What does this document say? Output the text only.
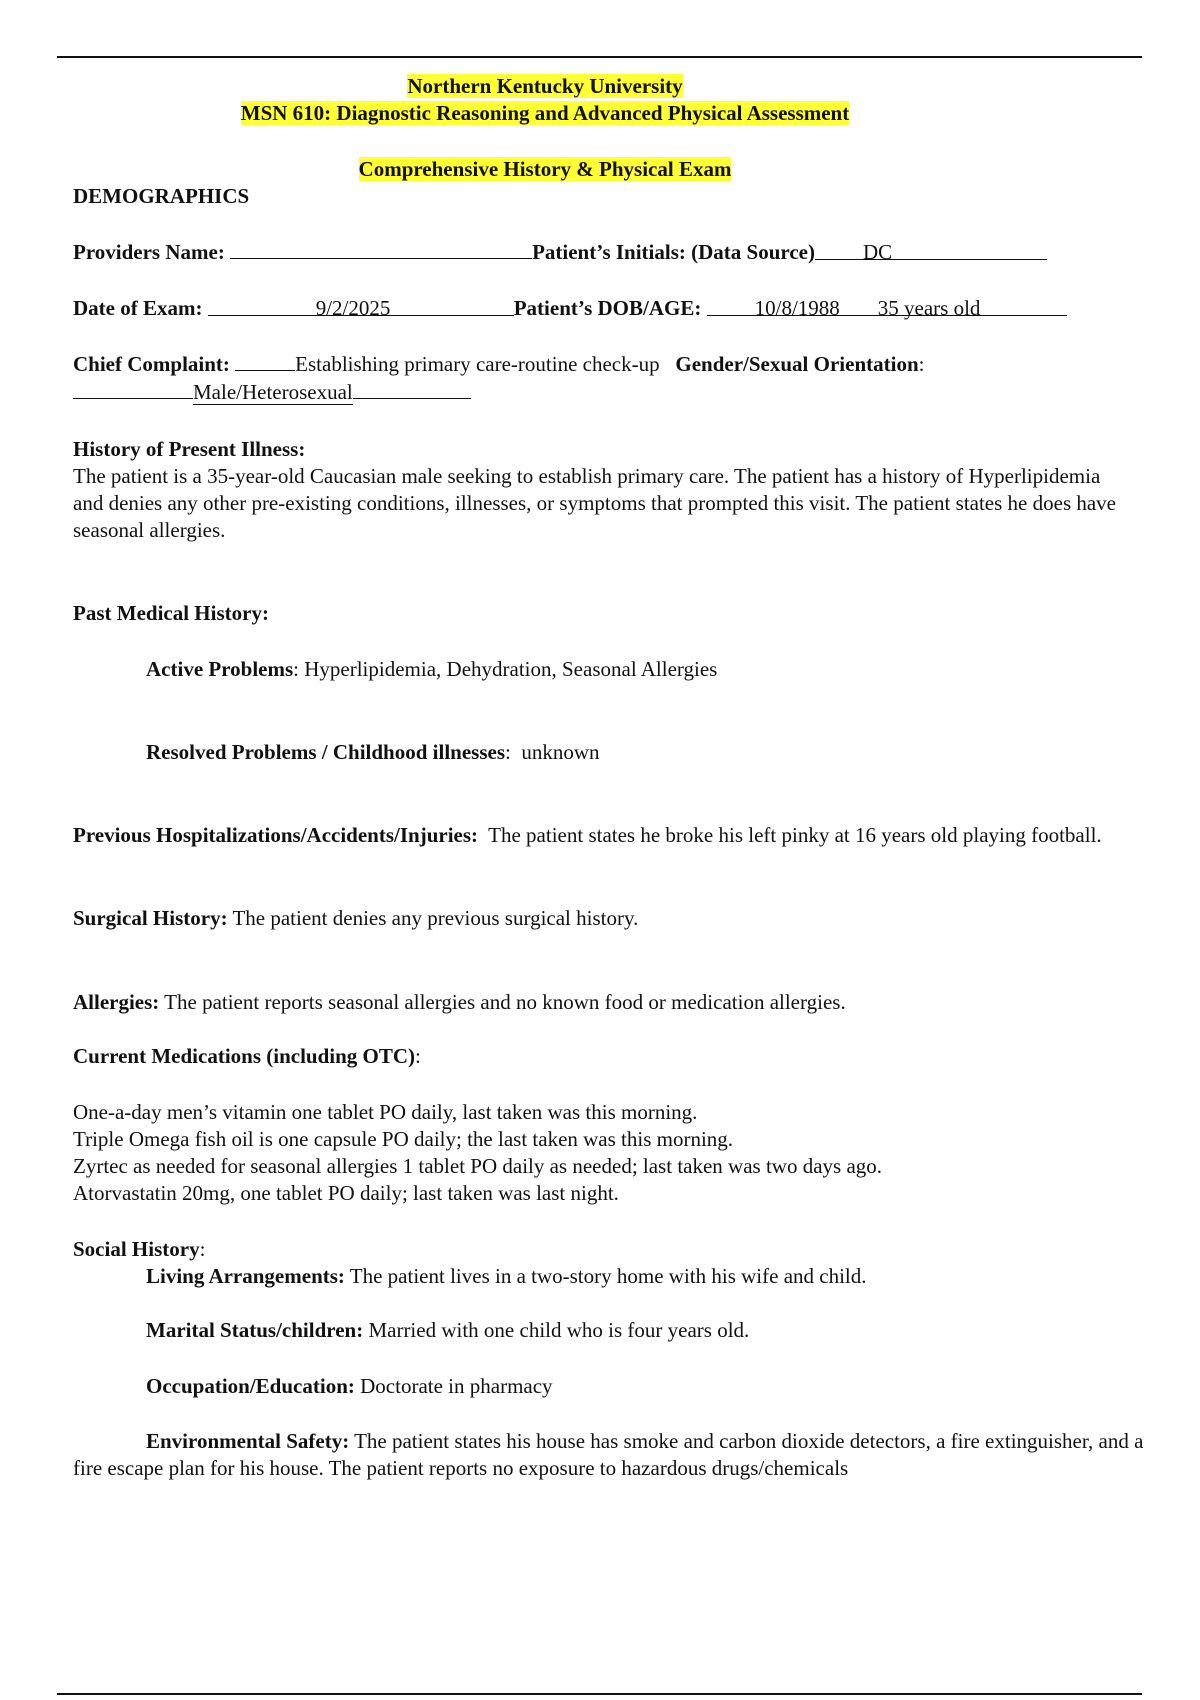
Northern Kentucky University
MSN 610: Diagnostic Reasoning and Advanced Physical Assessment
Comprehensive History & Physical Exam
DEMOGRAPHICS
Providers Name:	Patient’s Initials: (Data Source) DC
Date of Exam:	9/2/2025	Patient’s DOB/AGE:	10/8/1988 35 years old
Chief Complaint:	Establishing primary care-routine check-up Gender/Sexual Orientation:
Male/Heterosexual
History of Present Illness:
The patient is a 35-year-old Caucasian male seeking to establish primary care. The patient has a history of Hyperlipidemia and denies any other pre-existing conditions, illnesses, or symptoms that prompted this visit. The patient states he does have seasonal allergies.
Past Medical History:
Active Problems: Hyperlipidemia, Dehydration, Seasonal Allergies
Resolved Problems / Childhood illnesses:  unknown
Previous Hospitalizations/Accidents/Injuries: The patient states he broke his left pinky at 16 years old playing football.
Surgical History: The patient denies any previous surgical history.
Allergies: The patient reports seasonal allergies and no known food or medication allergies.
Current Medications (including OTC):
One-a-day men’s vitamin one tablet PO daily, last taken was this morning.
Triple Omega fish oil is one capsule PO daily; the last taken was this morning.
Zyrtec as needed for seasonal allergies 1 tablet PO daily as needed; last taken was two days ago.
Atorvastatin 20mg, one tablet PO daily; last taken was last night.
Social History:
Living Arrangements: The patient lives in a two-story home with his wife and child.
Marital Status/children: Married with one child who is four years old.
Occupation/Education: Doctorate in pharmacy
Environmental Safety: The patient states his house has smoke and carbon dioxide detectors, a fire extinguisher, and a fire escape plan for his house. The patient reports no exposure to hazardous drugs/chemicals
